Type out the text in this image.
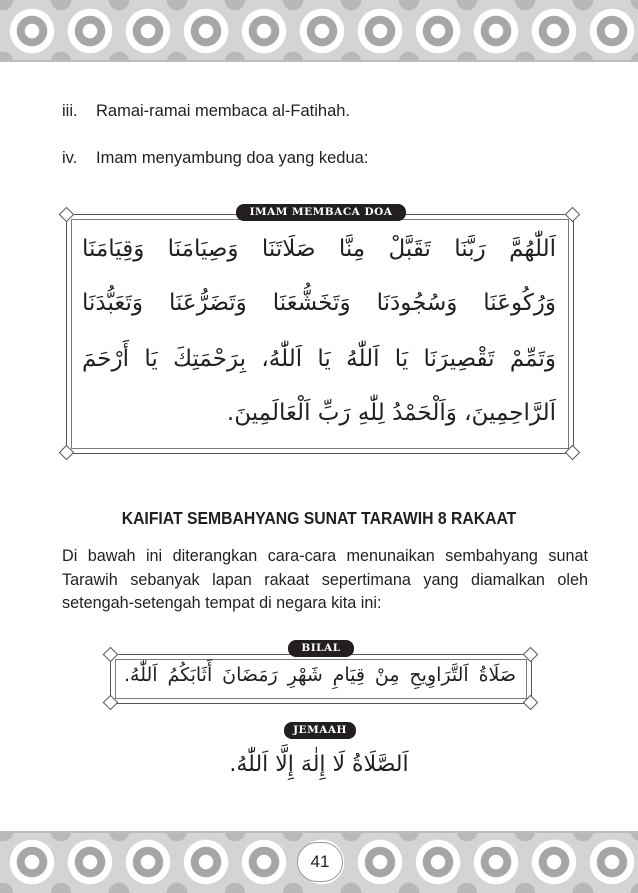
iii. Ramai-ramai membaca al-Fatihah.
iv. Imam menyambung doa yang kedua:
IMAM MEMBACA DOA
اَللّٰهُمَّ رَبَّنَا تَقَبَّلْ مِنَّا صَلَاتَنَا وَصِيَامَنَا وَقِيَامَنَا
وَرُكُوعَنَا وَسُجُودَنَا وَتَخَشُّعَنَا وَتَضَرُّعَنَا وَتَعَبُّدَنَا
وَتَمِّمْ تَقْصِيرَنَا يَا اَللّٰهُ يَا اَللّٰهُ، بِرَحْمَتِكَ يَا أَرْحَمَ
اَلرَّاحِمِينَ، وَاَلْحَمْدُ لِلّٰهِ رَبِّ اَلْعَالَمِينَ.
KAIFIAT SEMBAHYANG SUNAT TARAWIH 8 RAKAAT
Di bawah ini diterangkan cara-cara menunaikan sembahyang sunat Tarawih sebanyak lapan rakaat sepertimana yang diamalkan oleh setengah-setengah tempat di negara kita ini:
BILAL
صَلَاةُ اَلتَّرَاوِيحِ مِنْ قِيَامِ شَهْرِ رَمَضَانَ أَثَابَكُمُ اَللّٰهُ.
JEMAAH
اَلصَّلَاةُ لَا إِلٰهَ إِلَّا اَللّٰهُ.
41
